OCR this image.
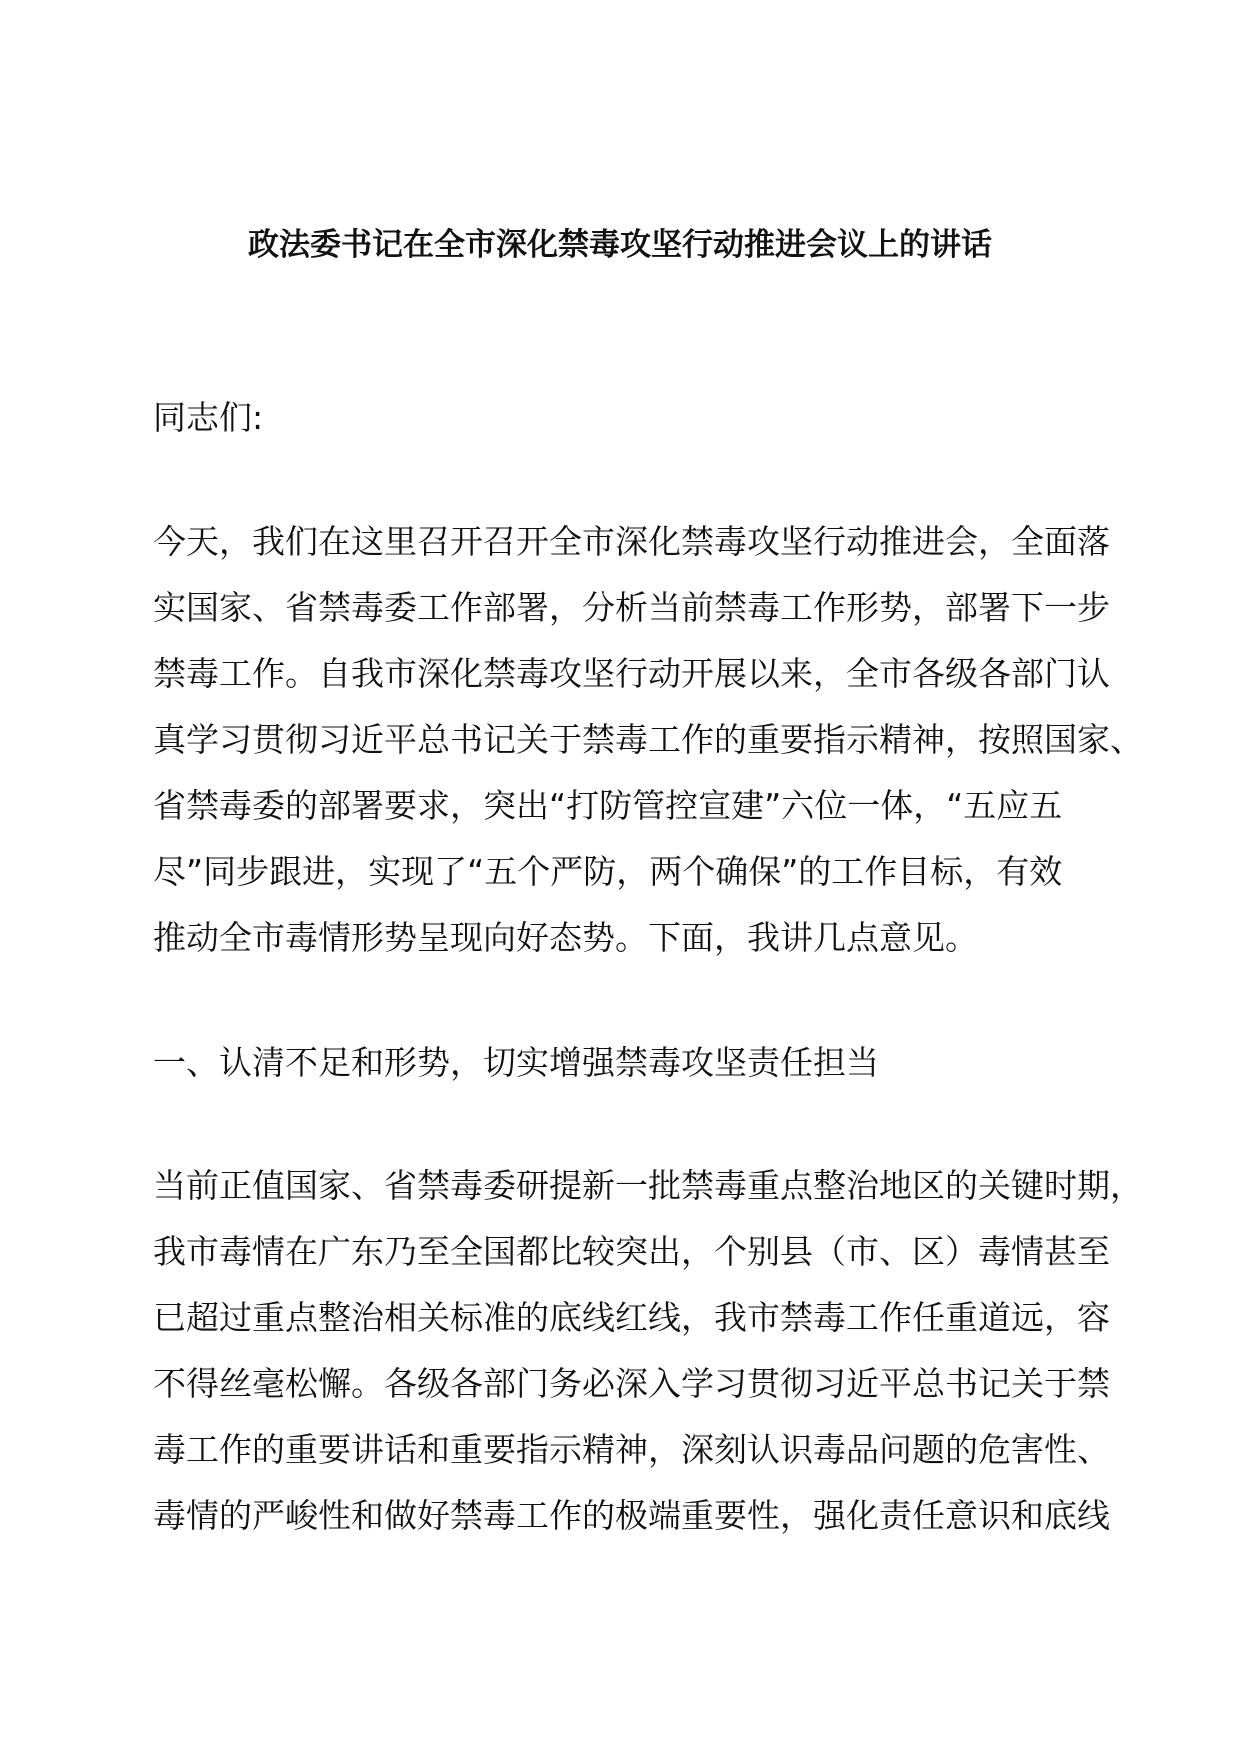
政法委书记在全市深化禁毒攻坚行动推进会议上的讲话
同志们:
今天，我们在这里召开召开全市深化禁毒攻坚行动推进会，全面落
实国家、省禁毒委工作部署，分析当前禁毒工作形势，部署下一步
禁毒工作。自我市深化禁毒攻坚行动开展以来，全市各级各部门认
真学习贯彻习近平总书记关于禁毒工作的重要指示精神，按照国家、
省禁毒委的部署要求，突出“打防管控宣建”六位一体，“五应五
尽”同步跟进，实现了“五个严防，两个确保”的工作目标，有效
推动全市毒情形势呈现向好态势。下面，我讲几点意见。
一、认清不足和形势，切实增强禁毒攻坚责任担当
当前正值国家、省禁毒委研提新一批禁毒重点整治地区的关键时期，
我市毒情在广东乃至全国都比较突出，个别县（市、区）毒情甚至
已超过重点整治相关标准的底线红线，我市禁毒工作任重道远，容
不得丝毫松懈。各级各部门务必深入学习贯彻习近平总书记关于禁
毒工作的重要讲话和重要指示精神，深刻认识毒品问题的危害性、
毒情的严峻性和做好禁毒工作的极端重要性，强化责任意识和底线
